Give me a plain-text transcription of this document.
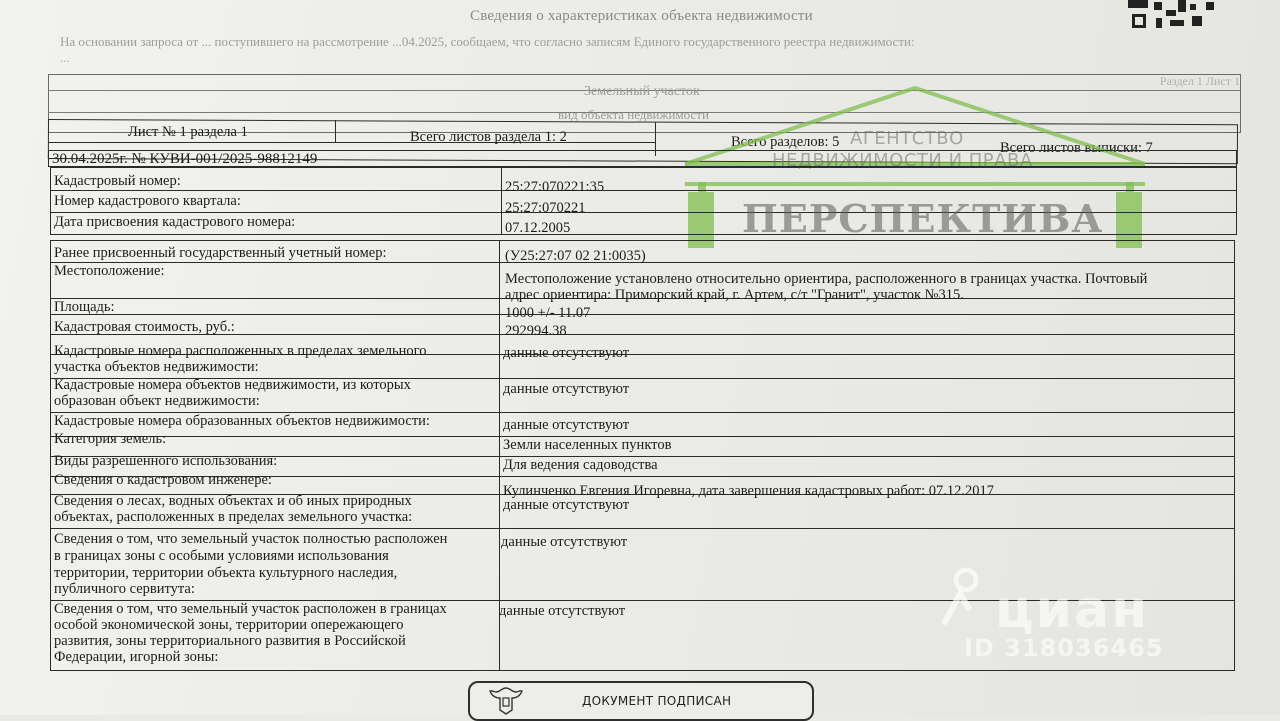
Сведения о характеристиках объекта недвижимости
На основании запроса от ... поступившего на рассмотрение ...04.2025, сообщаем, что согласно записям Единого государственного реестра недвижимости:
...
Раздел 1 Лист 1
Земельный участок
вид объекта недвижимости
Лист № 1 раздела 1	Всего листов раздела 1: 2	Всего разделов: 5	Всего листов выписки: 7
АГЕНТСТВО
НЕДВИЖИМОСТИ И ПРАВА
30.04.2025г. № КУВИ-001/2025-98812149
Кадастровый номер:	25:27:070221:35
Номер кадастрового квартала:	25:27:070221
Дата присвоения кадастрового номера:	07.12.2005	ПЕРСПЕКТИВА
Ранее присвоенный государственный учетный номер:	(У25:27:07 02 21:0035)
Местоположение:	Местоположение установлено относительно ориентира, расположенного в границах участка. Почтовый
адрес ориентира: Приморский край, г. Артем, с/т "Гранит", участок №315.
Площадь:	1000 +/- 11.07
Кадастровая стоимость, руб.:	292994.38
Кадастровые номера расположенных в пределах земельного
участка объектов недвижимости:
данные отсутствуют
Кадастровые номера объектов недвижимости, из которых
образован объект недвижимости:
данные отсутствуют
Кадастровые номера образованных объектов недвижимости:	данные отсутствуют
Категория земель:	Земли населенных пунктов
Виды разрешенного использования:	Для ведения садоводства
Сведения о кадастровом инженере:
Кулинченко Евгения Игоревна, дата завершения кадастровых работ: 07.12.2017
Сведения о лесах, водных объектах и об иных природных
объектах, расположенных в пределах земельного участка:
данные отсутствуют
Сведения о том, что земельный участок полностью расположен
в границах зоны с особыми условиями использования
территории, территории объекта культурного наследия,
публичного сервитута:
данные отсутствуют
Сведения о том, что земельный участок расположен в границах
особой экономической зоны, территории опережающего
развития, зоны территориального развития в Российской
Федерации, игорной зоны:
данные отсутствуют	циан
ID 318036465
ДОКУМЕНТ ПОДПИСАН
